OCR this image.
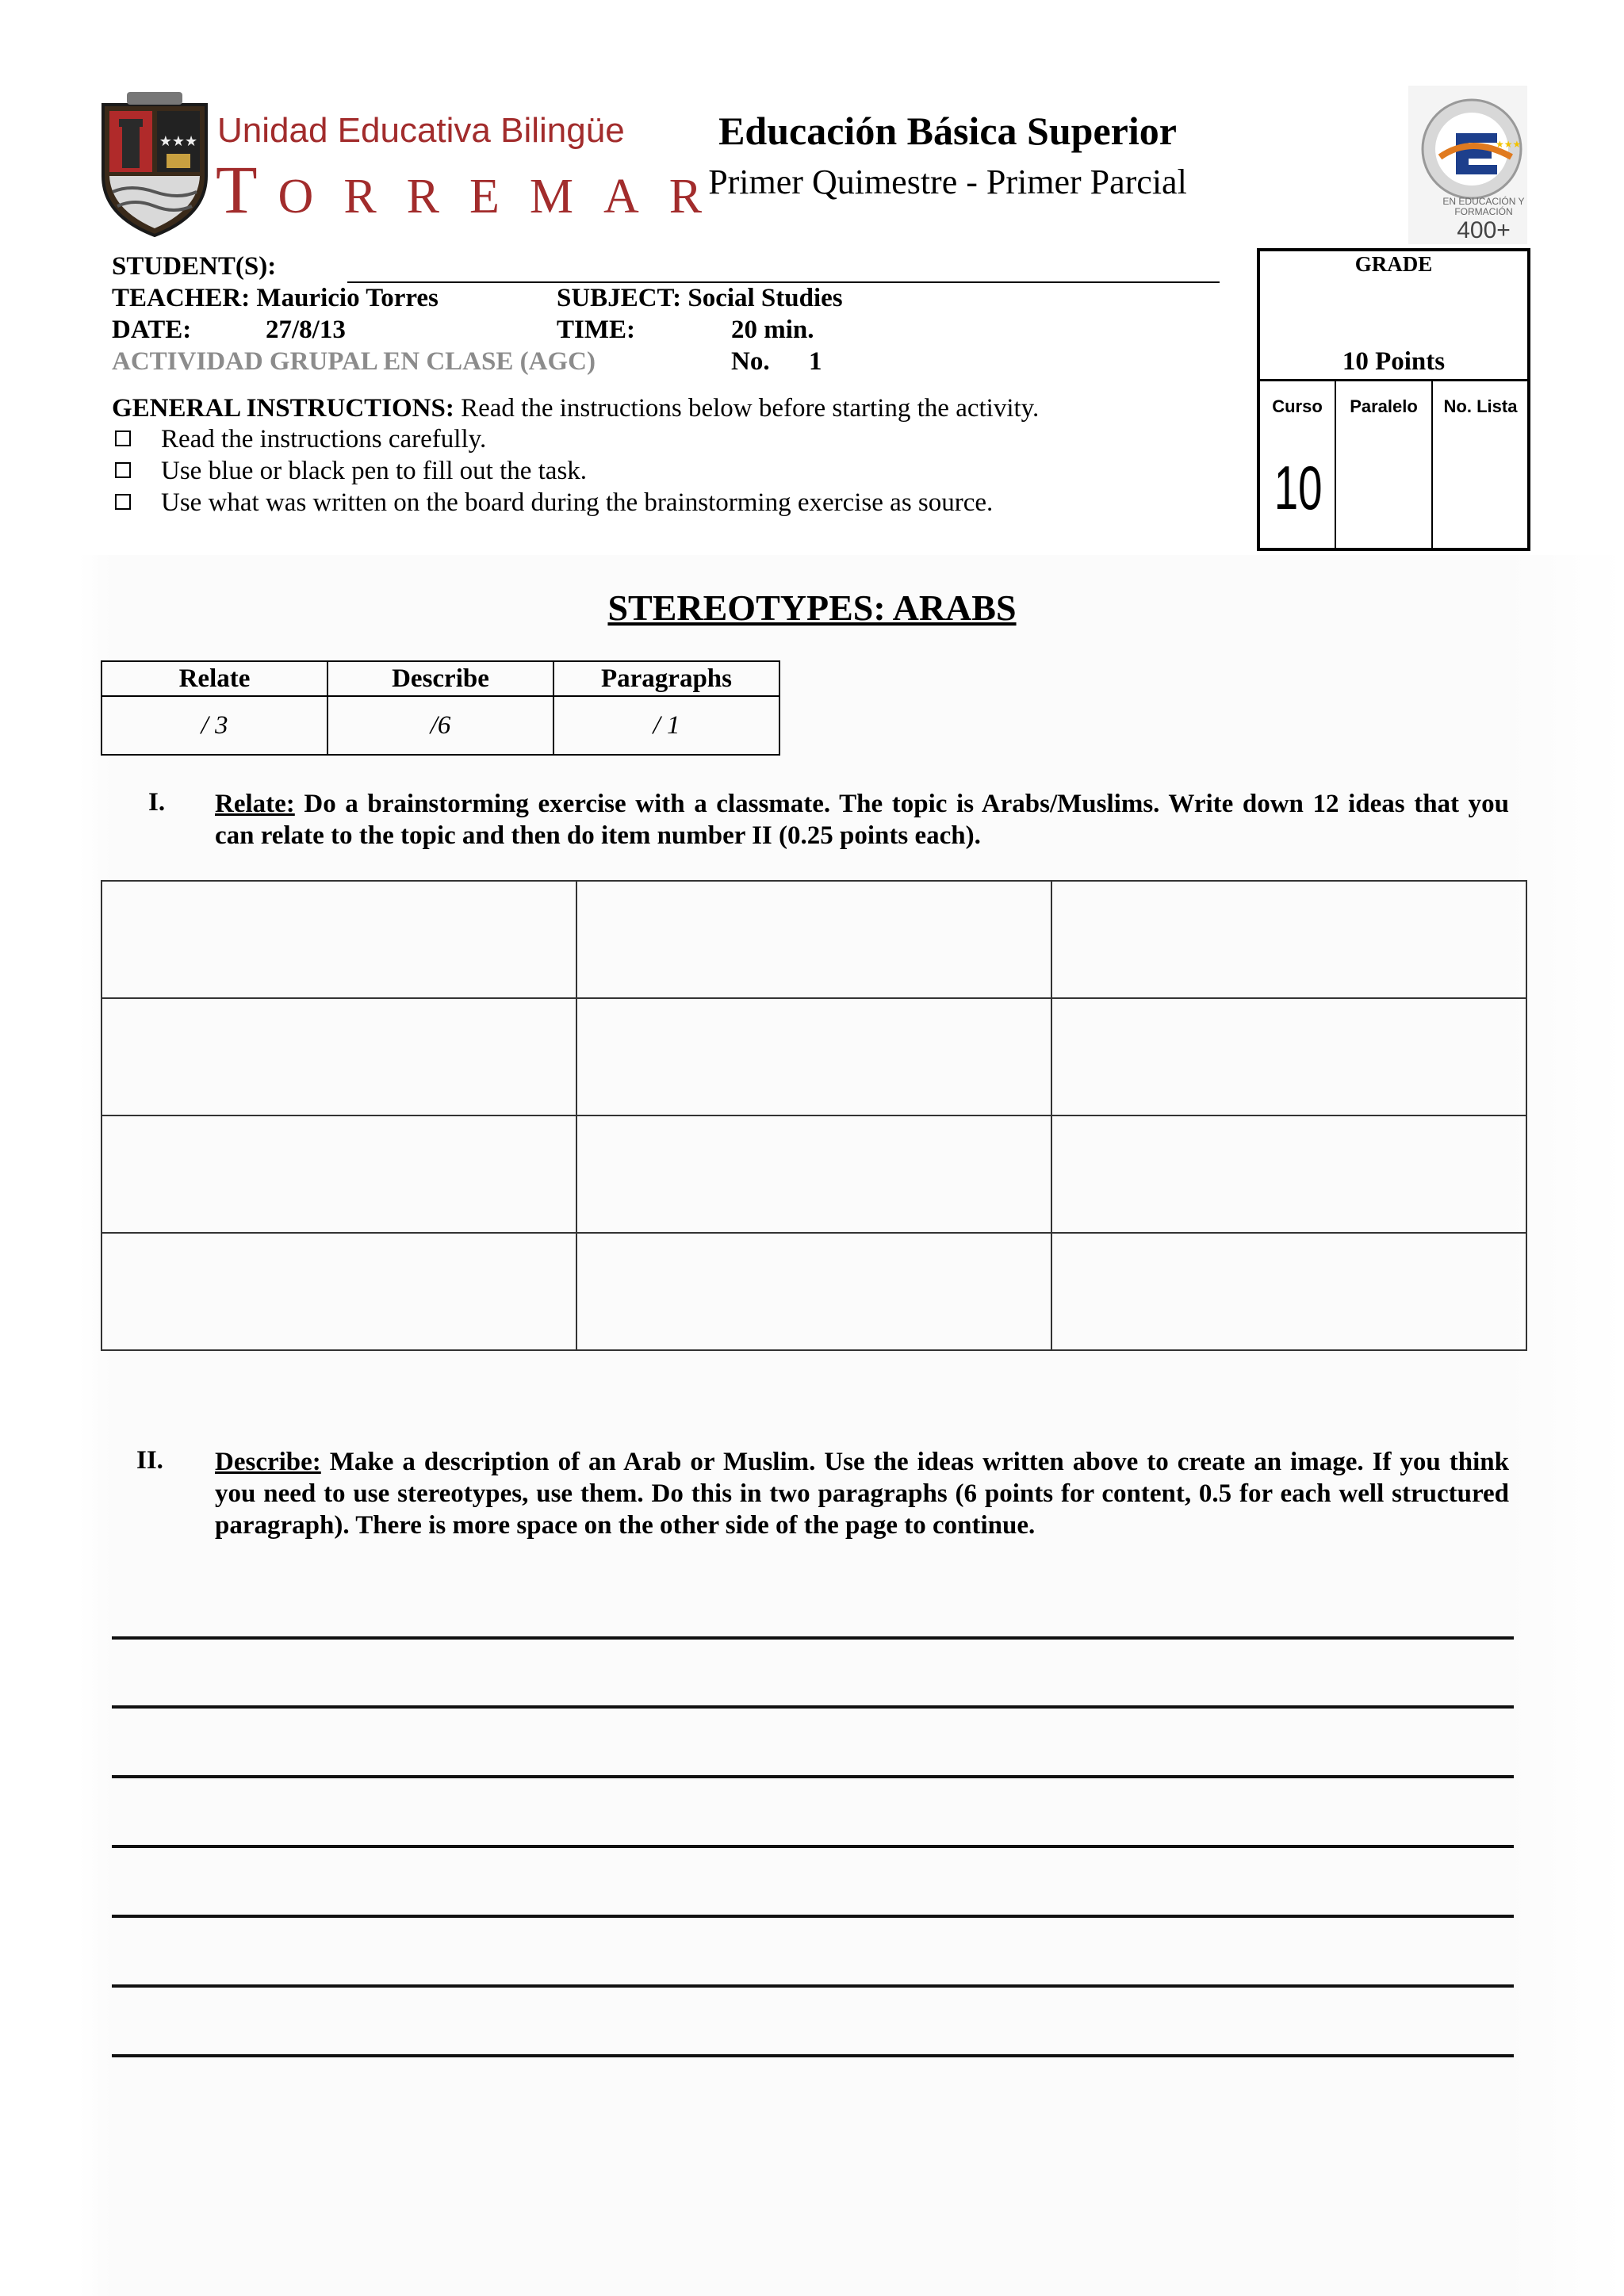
★★★ Unidad Educativa Bilingüe
TORREMAR
Educación Básica Superior
Primer Quimestre - Primer Parcial
★★★
EN EDUCACIÓN Y FORMACIÓN
400+
STUDENT(S):
TEACHER: Mauricio Torres	SUBJECT: Social Studies
DATE:	27/8/13	TIME:	20 min.
ACTIVIDAD GRUPAL EN CLASE (AGC)	No. 1
GRADE
10 Points
Curso	Paralelo	No. Lista
10
GENERAL INSTRUCTIONS: Read the instructions below before starting the activity.
Read the instructions carefully.
Use blue or black pen to fill out the task.
Use what was written on the board during the brainstorming exercise as source.
STEREOTYPES: ARABS
Relate	Describe	Paragraphs
/ 3	/6	/ 1
I. Relate: Do a brainstorming exercise with a classmate. The topic is Arabs/Muslims. Write down 12 ideas that you can relate to the topic and then do item number II (0.25 points each).

II. Describe: Make a description of an Arab or Muslim. Use the ideas written above to create an image. If you think you need to use stereotypes, use them. Do this in two paragraphs (6 points for content, 0.5 for each well structured paragraph). There is more space on the other side of the page to continue.
